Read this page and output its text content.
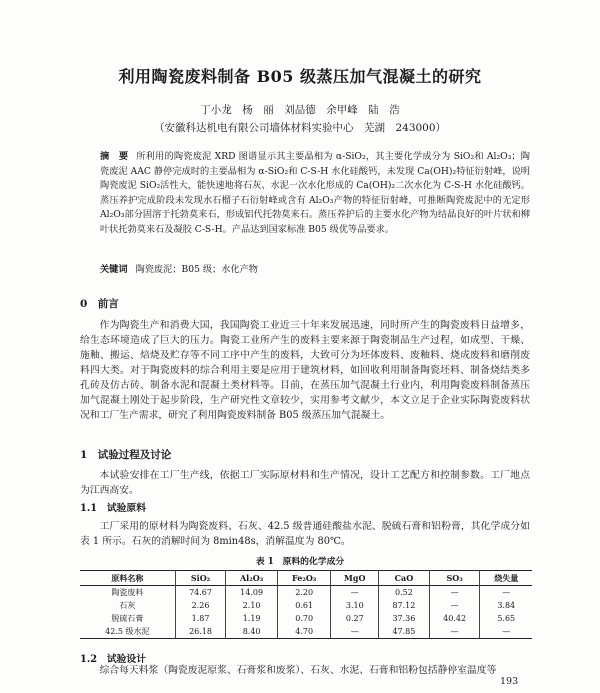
利用陶瓷废料制备 B05 级蒸压加气混凝土的研究
丁小龙　杨　丽　刘品德　余甲峰　陆　浩
（安徽科达机电有限公司墙体材料实验中心　芜湖　243000）
摘　要 所利用的陶瓷废泥 XRD 图谱显示其主要晶相为 α-SiO₂，其主要化学成分为 SiO₂和 Al₂O₃；陶瓷废泥 AAC 静停完成时的主要晶相为 α-SiO₂和 C-S-H 水化硅酸钙，未发现 Ca(OH)₂特征衍射峰，说明陶瓷废泥 SiO₂活性大，能快速地将石灰、水泥一次水化形成的 Ca(OH)₂二次水化为 C-S-H 水化硅酸钙。蒸压养护完成阶段未发现水石榴子石衍射峰或含有 Al₂O₃产物的特征衍射峰，可推断陶瓷废泥中的无定形 Al₂O₃部分固溶于托勃莫来石，形成铝代托勃莫来石。蒸压养护后的主要水化产物为结晶良好的叶片状和柳叶状托勃莫来石及凝胶 C-S-H。产品达到国家标准 B05 级优等品要求。
关键词 陶瓷废泥；B05 级；水化产物
0　前言
作为陶瓷生产和消费大国，我国陶瓷工业近三十年来发展迅速，同时所产生的陶瓷废料日益增多，给生态环境造成了巨大的压力。陶瓷工业所产生的废料主要来源于陶瓷制品生产过程，如成型、干燥、施釉、搬运、焙烧及贮存等不同工序中产生的废料，大致可分为坯体废料、废釉料、烧成废料和磨削废料四大类。对于陶瓷废料的综合利用主要是应用于建筑材料，如回收利用制备陶瓷坯料、制备烧结类多孔砖及仿古砖、制备水泥和混凝土类材料等。目前，在蒸压加气混凝土行业内，利用陶瓷废料制备蒸压加气混凝土刚处于起步阶段，生产研究性文章较少，实用参考文献少，本文立足于企业实际陶瓷废料状况和工厂生产需求，研究了利用陶瓷废料制备 B05 级蒸压加气混凝土。
1　试验过程及讨论
本试验安排在工厂生产线，依据工厂实际原材料和生产情况，设计工艺配方和控制参数。工厂地点为江西高安。
1.1　试验原料
工厂采用的原材料为陶瓷废料、石灰、42.5 级普通硅酸盐水泥、脱硫石膏和铝粉膏，其化学成分如表 1 所示。石灰的消解时间为 8min48s，消解温度为 80℃。
表 1　原料的化学成分
原料名称	SiO₂	Al₂O₃	Fe₂O₃	MgO	CaO	SO₃	烧失量
陶瓷废料	74.67	14.09	2.20	—	0.52	—	—
石灰	2.26	2.10	0.61	3.10	87.12	—	3.84
脱硫石膏	1.87	1.19	0.70	0.27	37.36	40.42	5.65
42.5 级水泥	26.18	8.40	4.70	—	47.85	—	—
1.2　试验设计
综合每天料浆（陶瓷废泥原浆、石膏浆和废浆）、石灰、水泥、石膏和铝粉包括静停室温度等
193
